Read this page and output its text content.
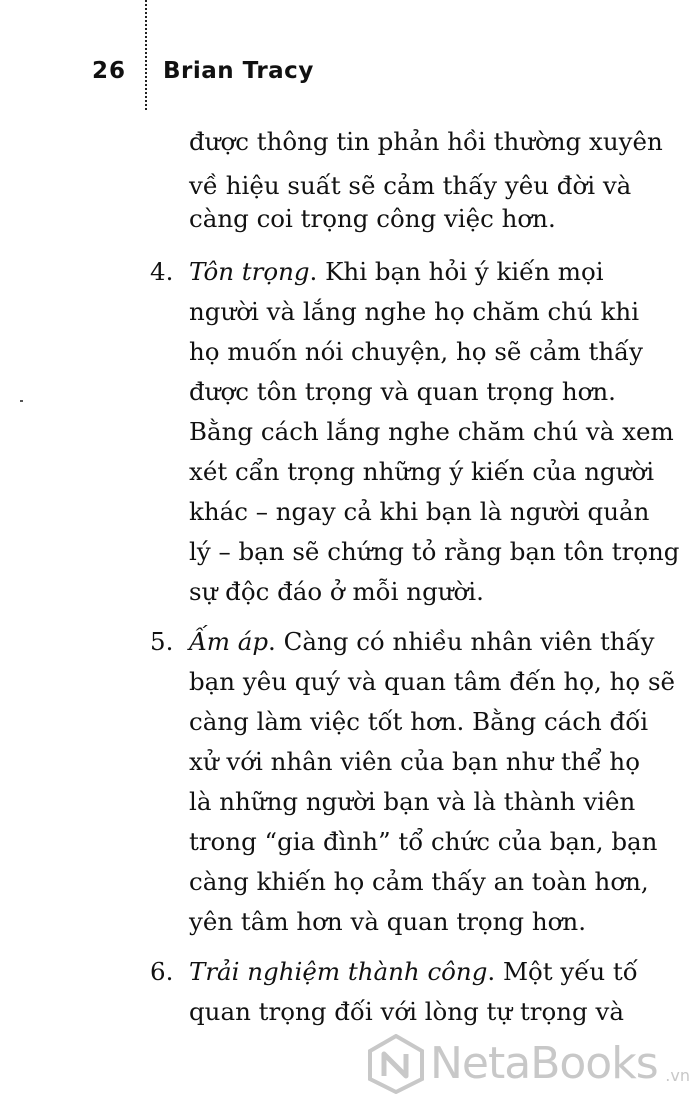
26 Brian Tracy
được thông tin phản hồi thường xuyên
về hiệu suất sẽ cảm thấy yêu đời và
càng coi trọng công việc hơn.
4. Tôn trọng. Khi bạn hỏi ý kiến mọi
người và lắng nghe họ chăm chú khi
họ muốn nói chuyện, họ sẽ cảm thấy
được tôn trọng và quan trọng hơn.
Bằng cách lắng nghe chăm chú và xem
xét cẩn trọng những ý kiến của người
khác – ngay cả khi bạn là người quản
lý – bạn sẽ chứng tỏ rằng bạn tôn trọng
sự độc đáo ở mỗi người.
5. Ấm áp. Càng có nhiều nhân viên thấy
bạn yêu quý và quan tâm đến họ, họ sẽ
càng làm việc tốt hơn. Bằng cách đối
xử với nhân viên của bạn như thể họ
là những người bạn và là thành viên
trong “gia đình” tổ chức của bạn, bạn
càng khiến họ cảm thấy an toàn hơn,
yên tâm hơn và quan trọng hơn.
6. Trải nghiệm thành công. Một yếu tố
quan trọng đối với lòng tự trọng và
NetaBooks .vn
